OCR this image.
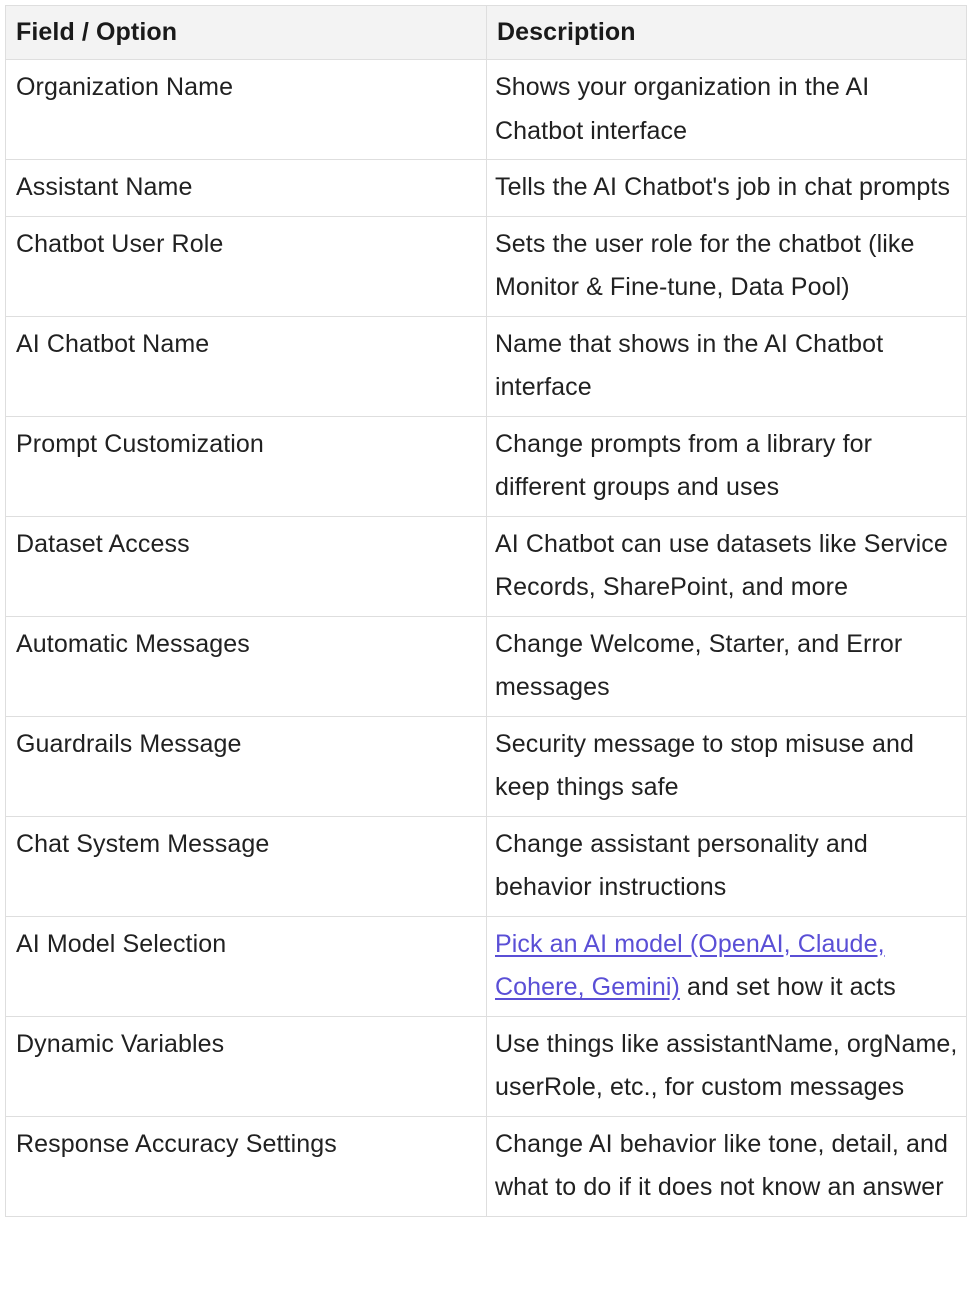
Field / Option	Description
Organization Name	Shows your organization in the AI Chatbot interface
Assistant Name	Tells the AI Chatbot's job in chat prompts
Chatbot User Role	Sets the user role for the chatbot (like Monitor & Fine-tune, Data Pool)
AI Chatbot Name	Name that shows in the AI Chatbot interface
Prompt Customization	Change prompts from a library for different groups and uses
Dataset Access	AI Chatbot can use datasets like Service Records, SharePoint, and more
Automatic Messages	Change Welcome, Starter, and Error messages
Guardrails Message	Security message to stop misuse and keep things safe
Chat System Message	Change assistant personality and behavior instructions
AI Model Selection	Pick an AI model (OpenAI, Claude, Cohere, Gemini) and set how it acts
Dynamic Variables	Use things like assistantName, orgName, userRole, etc., for custom messages
Response Accuracy Settings	Change AI behavior like tone, detail, and what to do if it does not know an answer
